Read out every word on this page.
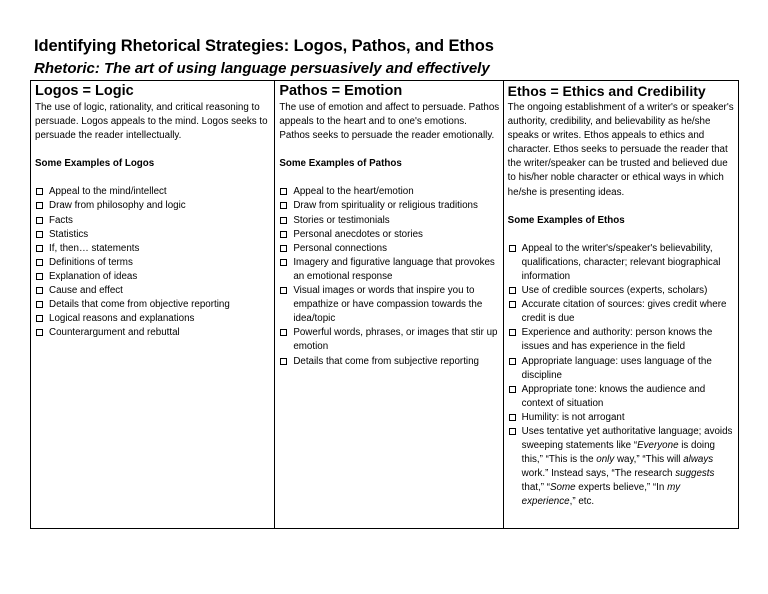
Identifying Rhetorical Strategies: Logos, Pathos, and Ethos
Rhetoric: The art of using language persuasively and effectively
Logos = Logic

The use of logic, rationality, and critical reasoning to persuade. Logos appeals to the mind. Logos seeks to persuade the reader intellectually.

Some Examples of Logos
Appeal to the mind/intellect
Draw from philosophy and logic
Facts
Statistics
If, then… statements
Definitions of terms
Explanation of ideas
Cause and effect
Details that come from objective reporting
Logical reasons and explanations
Counterargument and rebuttal
Pathos = Emotion

The use of emotion and affect to persuade. Pathos appeals to the heart and to one's emotions. Pathos seeks to persuade the reader emotionally.

Some Examples of Pathos
Appeal to the heart/emotion
Draw from spirituality or religious traditions
Stories or testimonials
Personal anecdotes or stories
Personal connections
Imagery and figurative language that provokes an emotional response
Visual images or words that inspire you to empathize or have compassion towards the idea/topic
Powerful words, phrases, or images that stir up emotion
Details that come from subjective reporting
Ethos = Ethics and Credibility

The ongoing establishment of a writer's or speaker's authority, credibility, and believability as he/she speaks or writes. Ethos appeals to ethics and character. Ethos seeks to persuade the reader that the writer/speaker can be trusted and believed due to his/her noble character or ethical ways in which he/she is presenting ideas.

Some Examples of Ethos
Appeal to the writer's/speaker's believability, qualifications, character; relevant biographical information
Use of credible sources (experts, scholars)
Accurate citation of sources: gives credit where credit is due
Experience and authority: person knows the issues and has experience in the field
Appropriate language: uses language of the discipline
Appropriate tone: knows the audience and context of situation
Humility: is not arrogant
Uses tentative yet authoritative language; avoids sweeping statements like “Everyone is doing this,” “This is the only way,” “This will always work.” Instead says, “The research suggests that,” “Some experts believe,” “In my experience,” etc.
